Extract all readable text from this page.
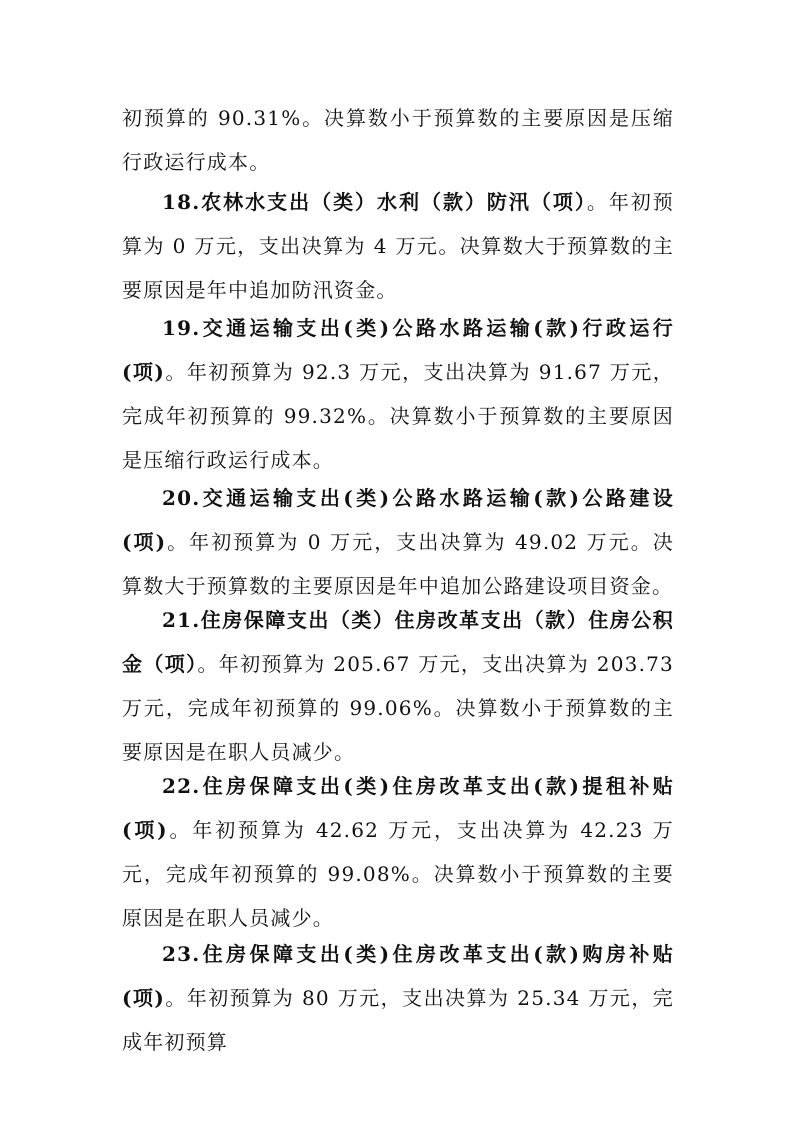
初预算的 90.31%。决算数小于预算数的主要原因是压缩行政运行成本。

18.农林水支出（类）水利（款）防汛（项）。年初预算为 0 万元，支出决算为 4 万元。决算数大于预算数的主要原因是年中追加防汛资金。

19.交通运输支出(类)公路水路运输(款)行政运行(项)。年初预算为 92.3 万元，支出决算为 91.67 万元，完成年初预算的 99.32%。决算数小于预算数的主要原因是压缩行政运行成本。

20.交通运输支出(类)公路水路运输(款)公路建设(项)。年初预算为 0 万元，支出决算为 49.02 万元。决算数大于预算数的主要原因是年中追加公路建设项目资金。

21.住房保障支出（类）住房改革支出（款）住房公积金（项）。年初预算为 205.67 万元，支出决算为 203.73 万元，完成年初预算的 99.06%。决算数小于预算数的主要原因是在职人员减少。

22.住房保障支出(类)住房改革支出(款)提租补贴(项)。年初预算为 42.62 万元，支出决算为 42.23 万元，完成年初预算的 99.08%。决算数小于预算数的主要原因是在职人员减少。

23.住房保障支出(类)住房改革支出(款)购房补贴(项)。年初预算为 80 万元，支出决算为 25.34 万元，完成年初预算
